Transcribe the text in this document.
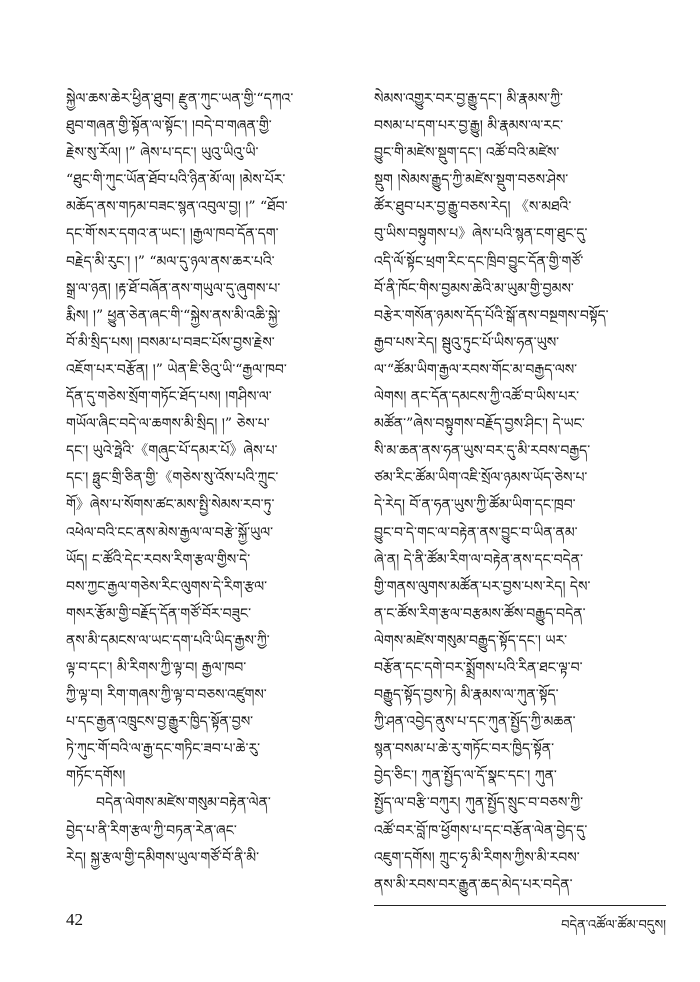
སྐྱེལ་ཆས་ཆེར་ཕྱིན་ཐུབ། རྫུན་ཀུང་ཡན་གྱི་“དཀའ་
ཐུབ་གཞན་གྱི་སྟོན་ལ་སྟོང་། །བདེ་བ་གཞན་གྱི་
རྗེས་སུ་རོལ། །” ཞེས་པ་དང་། ཡུའུ་ཡིའུ་ཡི་
“ཐུང་གི་ཀུང་ཡོན་ཐོབ་པའི་ཉིན་མོ་ལ། །མེས་པོར་
མཆོད་ནས་གཏམ་བཟང་སྙན་འབུལ་བྱ། །” “ཐོབ་
དང་གོ་སར་དགའ་ན་ཡང་། །རྒྱལ་ཁབ་དོན་དག་
བརྗེད་མི་རུང་། །” “མལ་དུ་ཉལ་ནས་ཆར་པའི་
སྒྲ་ལ་ཉན། །རྟ་ཐོ་བཞོན་ནས་གཡུལ་དུ་ཞུགས་པ་
རྨིས། །” ཕྱུན་ཅེན་ཞང་གི་“སྐྱེས་ནས་མི་འཆི་སྐྱེ་
བོ་མི་སྲིད་པས། །བསམ་པ་བཟང་པོས་བྱས་རྗེས་
འཇོག་པར་བརྩོན། །” ཡེན་ཇི་ཅིའུ་ཡི་“རྒྱལ་ཁབ་
དོན་དུ་གཅེས་སྲོག་གཏོང་ཐོད་པས། །གཤིས་ལ་
གཡོལ་ཞིང་བདེ་ལ་ཆགས་མི་སྲིད། །” ཅེས་པ་
དང་། ཡུའེ་ཧྥེའི་《གཞུང་པོ་དམར་པོ》ཞེས་པ་
དང་། ཧྥུང་གྲི་ཅིན་གྱི་《གཅེས་སུ་འོས་པའི་ཀྲུང་
གོ》ཞེས་པ་སོགས་ཚང་མས་སྤྱི་སེམས་རབ་ཏུ་
འཕེལ་བའི་ངང་ནས་མེས་རྒྱལ་ལ་བརྩེ་སྐྱོ་ཡུལ་
ཡོད། ང་ཚོའི་དེང་རབས་རིག་རྩལ་གྱིས་དེ་
བས་ཀྱང་རྒྱལ་གཅེས་རིང་ལུགས་དེ་རིག་རྩལ་
གསར་རྩོམ་གྱི་བརྗོད་དོན་གཙོ་བོར་བཟུང་
ནས་མི་དམངས་ལ་ཡང་དག་པའི་ཡིད་རྒྱས་ཀྱི་
ལྟ་བ་དང་། མི་རིགས་ཀྱི་ལྟ་བ། རྒྱལ་ཁབ་
ཀྱི་ལྟ་བ། རིག་གཞས་ཀྱི་ལྟ་བ་བཅས་འཛུགས་
པ་དང་རྒྱན་འཁྲུངས་བྱ་རྒྱུར་ཁྱིད་སྟོན་བྱས་
ཏེ་ཀུང་གོ་བའི་ལ་རྒྱ་དང་གཏིང་ཟབ་པ་ཆེ་རུ་
གཏོང་དགོས།
བདེན་ལེགས་མཛེས་གསུམ་བརྟེན་ལེན་
བྱེད་པ་ནི་རིག་རྩལ་ཀྱི་བཏན་རེན་ཞང་
རེད། སྐྱ་རྩལ་གྱི་དམིགས་ཡུལ་གཙོ་བོ་ནི་མི་
སེམས་འགྱུར་བར་བྱ་རྒྱུ་དང་། མི་རྣམས་ཀྱི་
བསམ་པ་དག་པར་བྱ་རྒྱུ། མི་རྣམས་ལ་རང་
བྱུང་གི་མཛེས་སྡུག་དང་། འཚོ་བའི་མཛེས་
སྡུག །སེམས་རྒྱུད་ཀྱི་མཛེས་སྡུག་བཅས་ཤེས་
ཚོར་ཐུབ་པར་བྱ་རྒྱུ་བཅས་རེད། 《ས་མཐའི་
བུ་ཡིས་བསྟུགས་པ》ཞེས་པའི་སྙན་ངག་ཐུང་དུ་
འདི་ལོ་སྟོང་ཕྲག་རིང་དང་ཁྲིབ་བྱུང་དོན་གྱི་གཙོ་
བོ་ནི་ཁོང་གིས་བྱམས་ཆེའི་མ་ཡུམ་གྱི་བྱམས་
བརྩེར་གསོན་ཉམས་དོད་པོའི་སྒོ་ནས་བསྔགས་བསྟོད་
རྒྱབ་པས་རེད། སྦུའུ་ཏུང་པོ་ཡིས་ཧན་ཡུས་
ལ་“ཚོམ་ཡིག་རྒྱལ་རབས་གོང་མ་བརྒྱད་ལས་
ལེགས། ནང་དོན་དམངས་ཀྱི་འཚོ་བ་ཡིས་པར་
མཚོན་”ཞེས་བསྟུགས་བརྗོད་བྱས་ཤིང་། དེ་ཡང་
སི་མ་ཆན་ནས་ཧན་ཡུས་བར་དུ་མི་རབས་བརྒྱད་
ཙམ་རིང་ཚོམ་ཡིག་འཇི་སྲོལ་ཉམས་ཡོད་ཅེས་པ་
དེ་རེད། བོ་ན་ཧན་ཡུས་ཀྱི་ཚོམ་ཡིག་དང་ཁྲབ་
བྱུང་བ་དེ་གང་ལ་བརྟེན་ནས་བྱུང་བ་ཡིན་ནམ་
ཞེ་ན། དེ་ནི་ཚོམ་རིག་ལ་བརྟེན་ནས་དང་བདེན་
གྱི་གནས་ལུགས་མཚོན་པར་བྱས་པས་རེད། དེས་
ན་ང་ཚོས་རིག་རྩལ་བརྩམས་ཚོས་བརྒྱུད་བདེན་
ལེགས་མཛེས་གསུམ་བརྒྱུད་སྟོད་དང་། ཡར་
བརྩོན་དང་དགེ་བར་སྨྲོགས་པའི་རིན་ཐང་ལྟ་བ་
བརྒྱུད་སྟོད་བྱས་ཏེ། མི་རྣམས་ལ་ཀུན་སྟོད་
ཀྱི་ཤན་འབྱེད་ནུས་པ་དང་ཀུན་སྤྱོད་ཀྱི་མཆན་
སྙན་བསམ་པ་ཆེ་རུ་གཏོང་བར་ཁྱིད་སྟོན་
བྱེད་ཅིང་། ཀུན་སྤྱོད་ལ་དོ་སྣང་དང་། ཀུན་
སྤྱོད་ལ་བརྩི་བཀུར། ཀུན་སྤྱོད་སྲུང་བ་བཅས་ཀྱི་
འཚོ་བར་བློ་ཁ་ཕྱོགས་པ་དང་བརྩོན་ལེན་བྱེད་དུ་
འཇུག་དགོས། ཀྲུང་ཧྭ་མི་རིགས་ཀྱིས་མི་རབས་
ནས་མི་རབས་བར་རྒྱུན་ཆད་མེད་པར་བདེན་
42	བདེན་འཚོལ་ཚོམ་བདུས།
